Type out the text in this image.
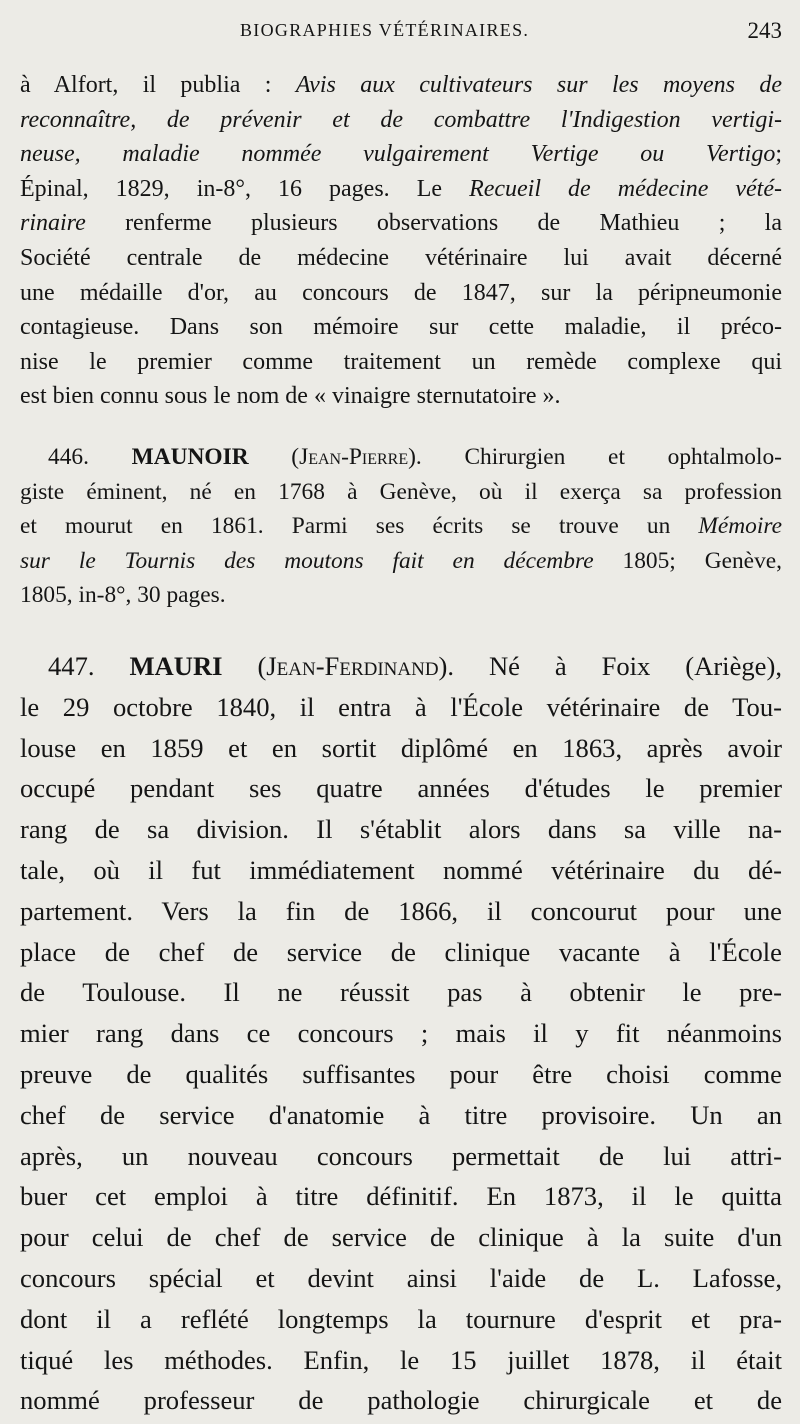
BIOGRAPHIES VÉTÉRINAIRES.	243
à Alfort, il publia : Avis aux cultivateurs sur les moyens de
reconnaître, de prévenir et de combattre l'Indigestion vertigi-
neuse, maladie nommée vulgairement Vertige ou Vertigo;
Épinal, 1829, in-8°, 16 pages. Le Recueil de médecine vété-
rinaire renferme plusieurs observations de Mathieu ; la
Société centrale de médecine vétérinaire lui avait décerné
une médaille d'or, au concours de 1847, sur la péripneumonie
contagieuse. Dans son mémoire sur cette maladie, il préco-
nise le premier comme traitement un remède complexe qui
est bien connu sous le nom de « vinaigre sternutatoire ».
446. MAUNOIR (Jean-Pierre). Chirurgien et ophtalmolo-
giste éminent, né en 1768 à Genève, où il exerça sa profession
et mourut en 1861. Parmi ses écrits se trouve un Mémoire
sur le Tournis des moutons fait en décembre 1805; Genève,
1805, in-8°, 30 pages.
447. MAURI (Jean-Ferdinand). Né à Foix (Ariège),
le 29 octobre 1840, il entra à l'École vétérinaire de Tou-
louse en 1859 et en sortit diplômé en 1863, après avoir
occupé pendant ses quatre années d'études le premier
rang de sa division. Il s'établit alors dans sa ville na-
tale, où il fut immédiatement nommé vétérinaire du dé-
partement. Vers la fin de 1866, il concourut pour une
place de chef de service de clinique vacante à l'École
de Toulouse. Il ne réussit pas à obtenir le pre-
mier rang dans ce concours ; mais il y fit néanmoins
preuve de qualités suffisantes pour être choisi comme
chef de service d'anatomie à titre provisoire. Un an
après, un nouveau concours permettait de lui attri-
buer cet emploi à titre définitif. En 1873, il le quitta
pour celui de chef de service de clinique à la suite d'un
concours spécial et devint ainsi l'aide de L. Lafosse,
dont il a reflété longtemps la tournure d'esprit et pra-
tiqué les méthodes. Enfin, le 15 juillet 1878, il était
nommé professeur de pathologie chirurgicale et de
